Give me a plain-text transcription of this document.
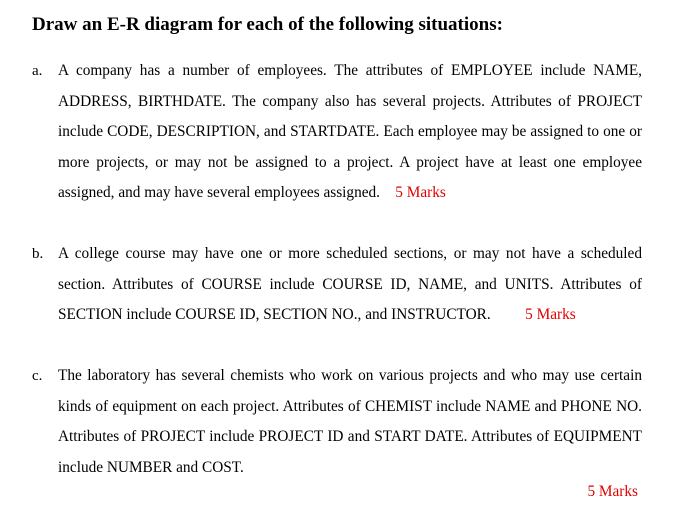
Draw an E-R diagram for each of the following situations:
a. A company has a number of employees. The attributes of EMPLOYEE include NAME, ADDRESS, BIRTHDATE. The company also has several projects. Attributes of PROJECT include CODE, DESCRIPTION, and STARTDATE. Each employee may be assigned to one or more projects, or may not be assigned to a project. A project have at least one employee assigned, and may have several employees assigned. 5 Marks
b. A college course may have one or more scheduled sections, or may not have a scheduled section. Attributes of COURSE include COURSE ID, NAME, and UNITS. Attributes of SECTION include COURSE ID, SECTION NO., and INSTRUCTOR. 5 Marks
c. The laboratory has several chemists who work on various projects and who may use certain kinds of equipment on each project. Attributes of CHEMIST include NAME and PHONE NO. Attributes of PROJECT include PROJECT ID and START DATE. Attributes of EQUIPMENT include NUMBER and COST.
5 Marks
